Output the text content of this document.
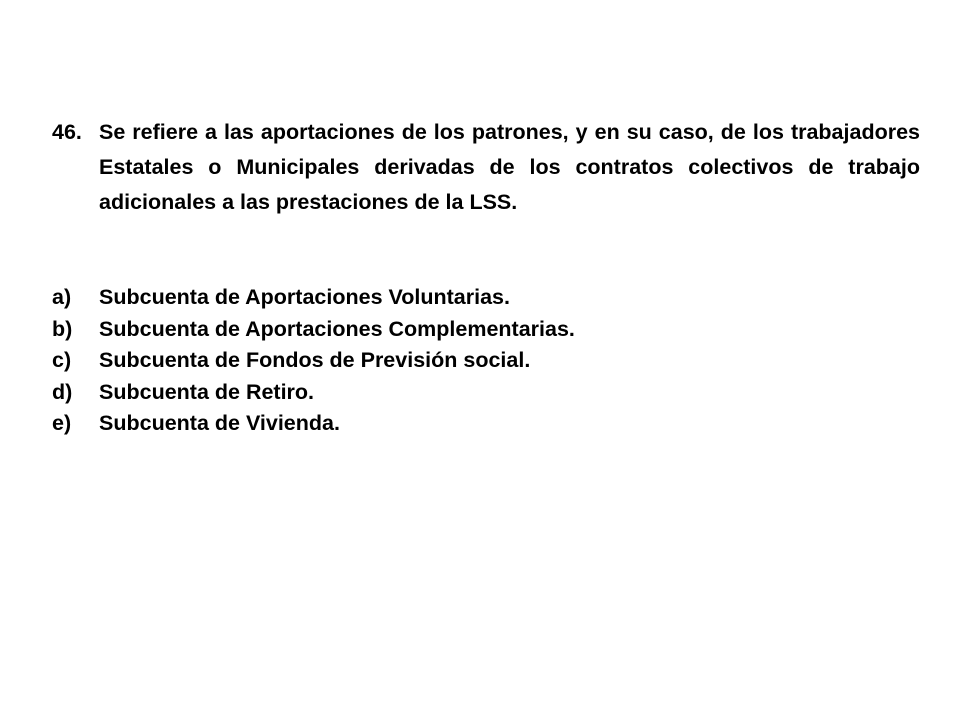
46. Se refiere a las aportaciones de los patrones, y en su caso, de los trabajadores Estatales o Municipales derivadas de los contratos colectivos de trabajo adicionales a las prestaciones de la LSS.
a)	Subcuenta de Aportaciones Voluntarias.
b)	Subcuenta de Aportaciones Complementarias.
c)	Subcuenta de Fondos de Previsión social.
d)	Subcuenta de Retiro.
e)	Subcuenta de Vivienda.
